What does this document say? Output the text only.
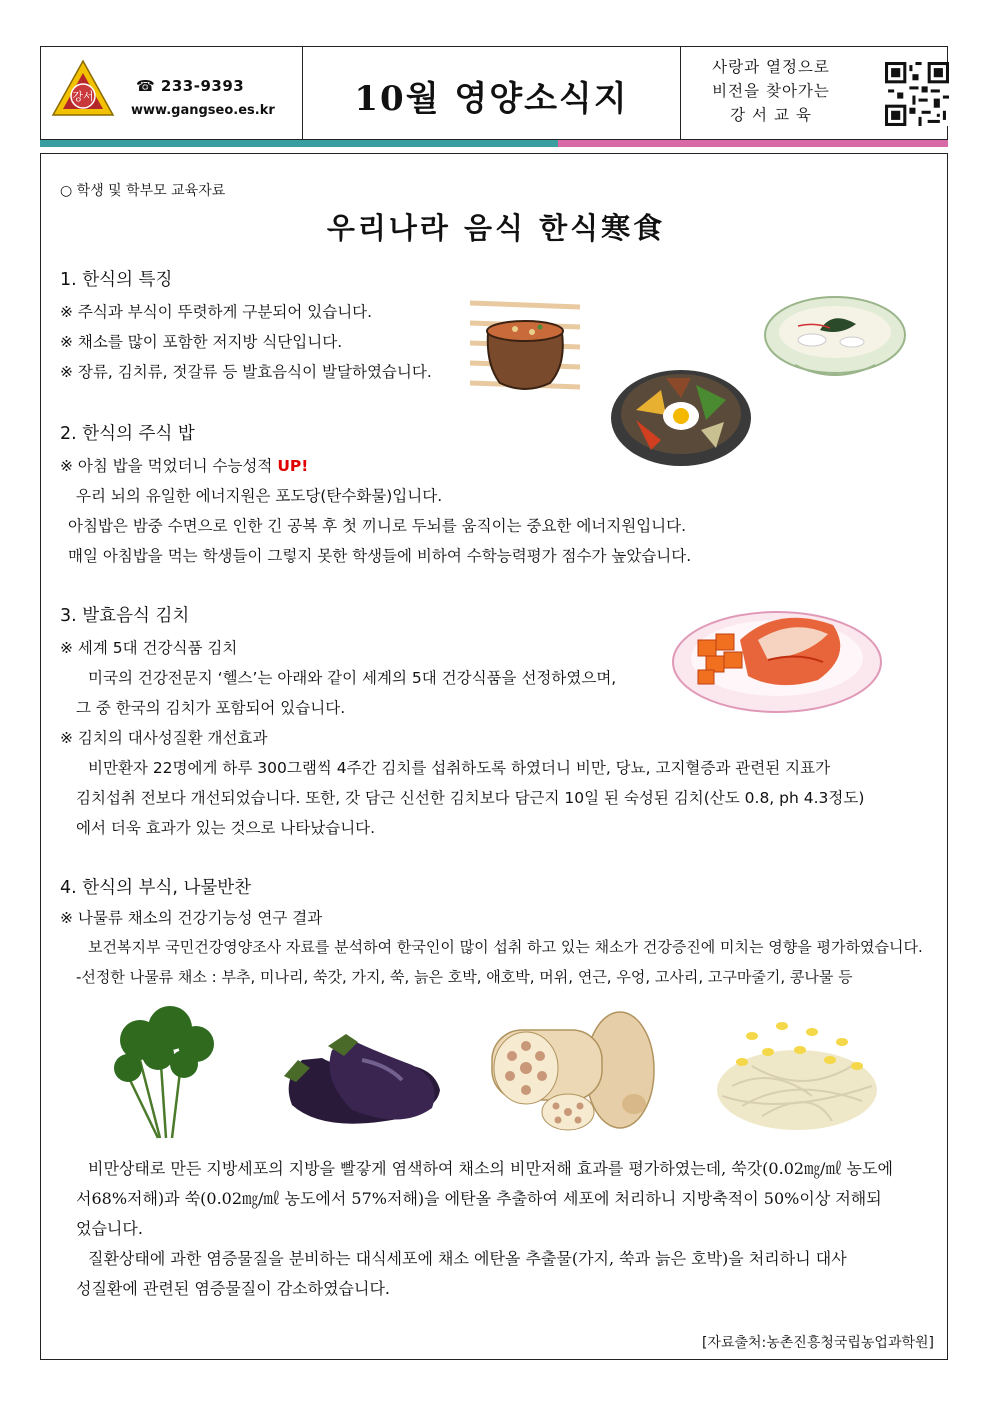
강서
☎ 233-9393
www.gangseo.es.kr	10월 영양소식지
사랑과 열정으로
비전을 찾아가는
강 서 교 육
○ 학생 및 학부모 교육자료
우리나라 음식 한식寒食
1. 한식의 특징
※ 주식과 부식이 뚜렷하게 구분되어 있습니다.
※ 채소를 많이 포함한 저지방 식단입니다.
※ 장류, 김치류, 젓갈류 등 발효음식이 발달하였습니다.
2. 한식의 주식 밥
※ 아침 밥을 먹었더니 수능성적 UP!
우리 뇌의 유일한 에너지원은 포도당(탄수화물)입니다.
아침밥은 밤중 수면으로 인한 긴 공복 후 첫 끼니로 두뇌를 움직이는 중요한 에너지원입니다.
매일 아침밥을 먹는 학생들이 그렇지 못한 학생들에 비하여 수학능력평가 점수가 높았습니다.
3. 발효음식 김치
※ 세계 5대 건강식품 김치
미국의 건강전문지 ‘헬스’는 아래와 같이 세계의 5대 건강식품을 선정하였으며,
그 중 한국의 김치가 포함되어 있습니다.
※ 김치의 대사성질환 개선효과
비만환자 22명에게 하루 300그램씩 4주간 김치를 섭취하도록 하였더니 비만, 당뇨, 고지혈증과 관련된 지표가
김치섭취 전보다 개선되었습니다. 또한, 갓 담근 신선한 김치보다 담근지 10일 된 숙성된 김치(산도 0.8, ph 4.3정도)
에서 더욱 효과가 있는 것으로 나타났습니다.
4. 한식의 부식, 나물반찬
※ 나물류 채소의 건강기능성 연구 결과
보건복지부 국민건강영양조사 자료를 분석하여 한국인이 많이 섭취 하고 있는 채소가 건강증진에 미치는 영향을 평가하였습니다.
-선정한 나물류 채소 : 부추, 미나리, 쑥갓, 가지, 쑥, 늙은 호박, 애호박, 머위, 연근, 우엉, 고사리, 고구마줄기, 콩나물 등
비만상태로 만든 지방세포의 지방을 빨갛게 염색하여 채소의 비만저해 효과를 평가하였는데, 쑥갓(0.02㎎/㎖ 농도에
서68%저해)과 쑥(0.02㎎/㎖ 농도에서 57%저해)을 에탄올 추출하여 세포에 처리하니 지방축적이 50%이상 저해되
었습니다.
질환상태에 과한 염증물질을 분비하는 대식세포에 채소 에탄올 추출물(가지, 쑥과 늙은 호박)을 처리하니 대사
성질환에 관련된 염증물질이 감소하였습니다.
[자료출처:농촌진흥청국립농업과학원]
